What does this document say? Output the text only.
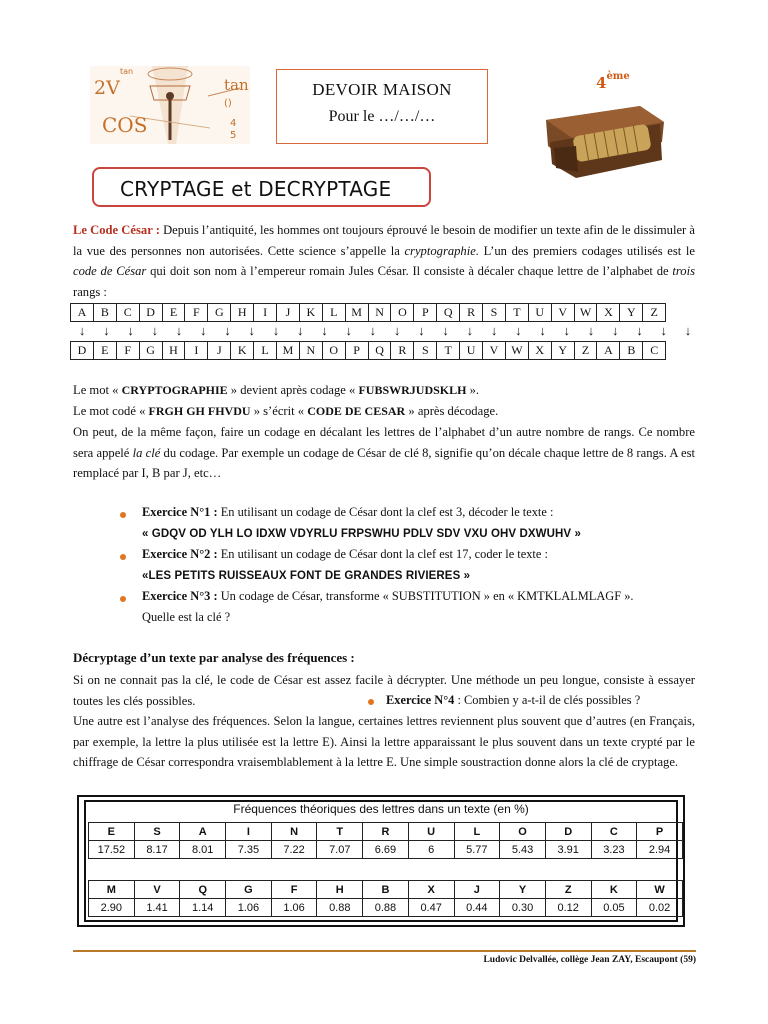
2V
COS
tan
tan
()
4
5
DEVOIR MAISON
Pour le …/…/…
4ème
CRYPTAGE et DECRYPTAGE
Le Code César : Depuis l’antiquité, les hommes ont toujours éprouvé le besoin de modifier un texte afin de le dissimuler à la vue des personnes non autorisées. Cette science s’appelle la cryptographie. L’un des premiers codages utilisés est le code de César qui doit son nom à l’empereur romain Jules César. Il consiste à décaler chaque lettre de l’alphabet de trois rangs :
A	B	C	D	E	F	G	H	I	J	K	L	M	N	O	P	Q	R	S	T	U	V	W	X	Y	Z
↓	↓	↓	↓	↓	↓	↓	↓	↓	↓	↓	↓	↓	↓	↓	↓	↓	↓	↓	↓	↓	↓	↓	↓	↓	↓
D	E	F	G	H	I	J	K	L	M	N	O	P	Q	R	S	T	U	V	W	X	Y	Z	A	B	C
Le mot « CRYPTOGRAPHIE » devient après codage « FUBSWRJUDSKLH ».
Le mot codé « FRGH GH FHVDU » s’écrit « CODE DE CESAR » après décodage.
On peut, de la même façon, faire un codage en décalant les lettres de l’alphabet d’un autre nombre de rangs. Ce nombre sera appelé la clé du codage. Par exemple un codage de César de clé 8, signifie qu’on décale chaque lettre de 8 rangs. A est remplacé par I, B par J, etc…
Exercice N°1 : En utilisant un codage de César dont la clef est 3, décoder le texte :
« GDQV OD YLH LO IDXW VDYRLU FRPSWHU PDLV SDV VXU OHV DXWUHV »
Exercice N°2 : En utilisant un codage de César dont la clef est 17, coder le texte :
«LES PETITS RUISSEAUX FONT DE GRANDES RIVIERES »
Exercice N°3 : Un codage de César, transforme « SUBSTITUTION » en « KMTKLALMLAGF ».
Quelle est la clé ?
Décryptage d’un texte par analyse des fréquences :
Si on ne connait pas la clé, le code de César est assez facile à décrypter. Une méthode un peu longue, consiste à essayer toutes les clés possibles.	Exercice N°4 : Combien y a-t-il de clés possibles ?
Une autre est l’analyse des fréquences. Selon la langue, certaines lettres reviennent plus souvent que d’autres (en Français, par exemple, la lettre la plus utilisée est la lettre E). Ainsi la lettre apparaissant le plus souvent dans un texte crypté par le chiffrage de César correspondra vraisemblablement à la lettre E. Une simple soustraction donne alors la clé de cryptage.
Fréquences théoriques des lettres dans un texte (en %)
E	S	A	I	N	T	R	U	L	O	D	C	P
17.52	8.17	8.01	7.35	7.22	7.07	6.69	6	5.77	5.43	3.91	3.23	2.94
M	V	Q	G	F	H	B	X	J	Y	Z	K	W
2.90	1.41	1.14	1.06	1.06	0.88	0.88	0.47	0.44	0.30	0.12	0.05	0.02
Ludovic Delvallée, collège Jean ZAY, Escaupont (59)
